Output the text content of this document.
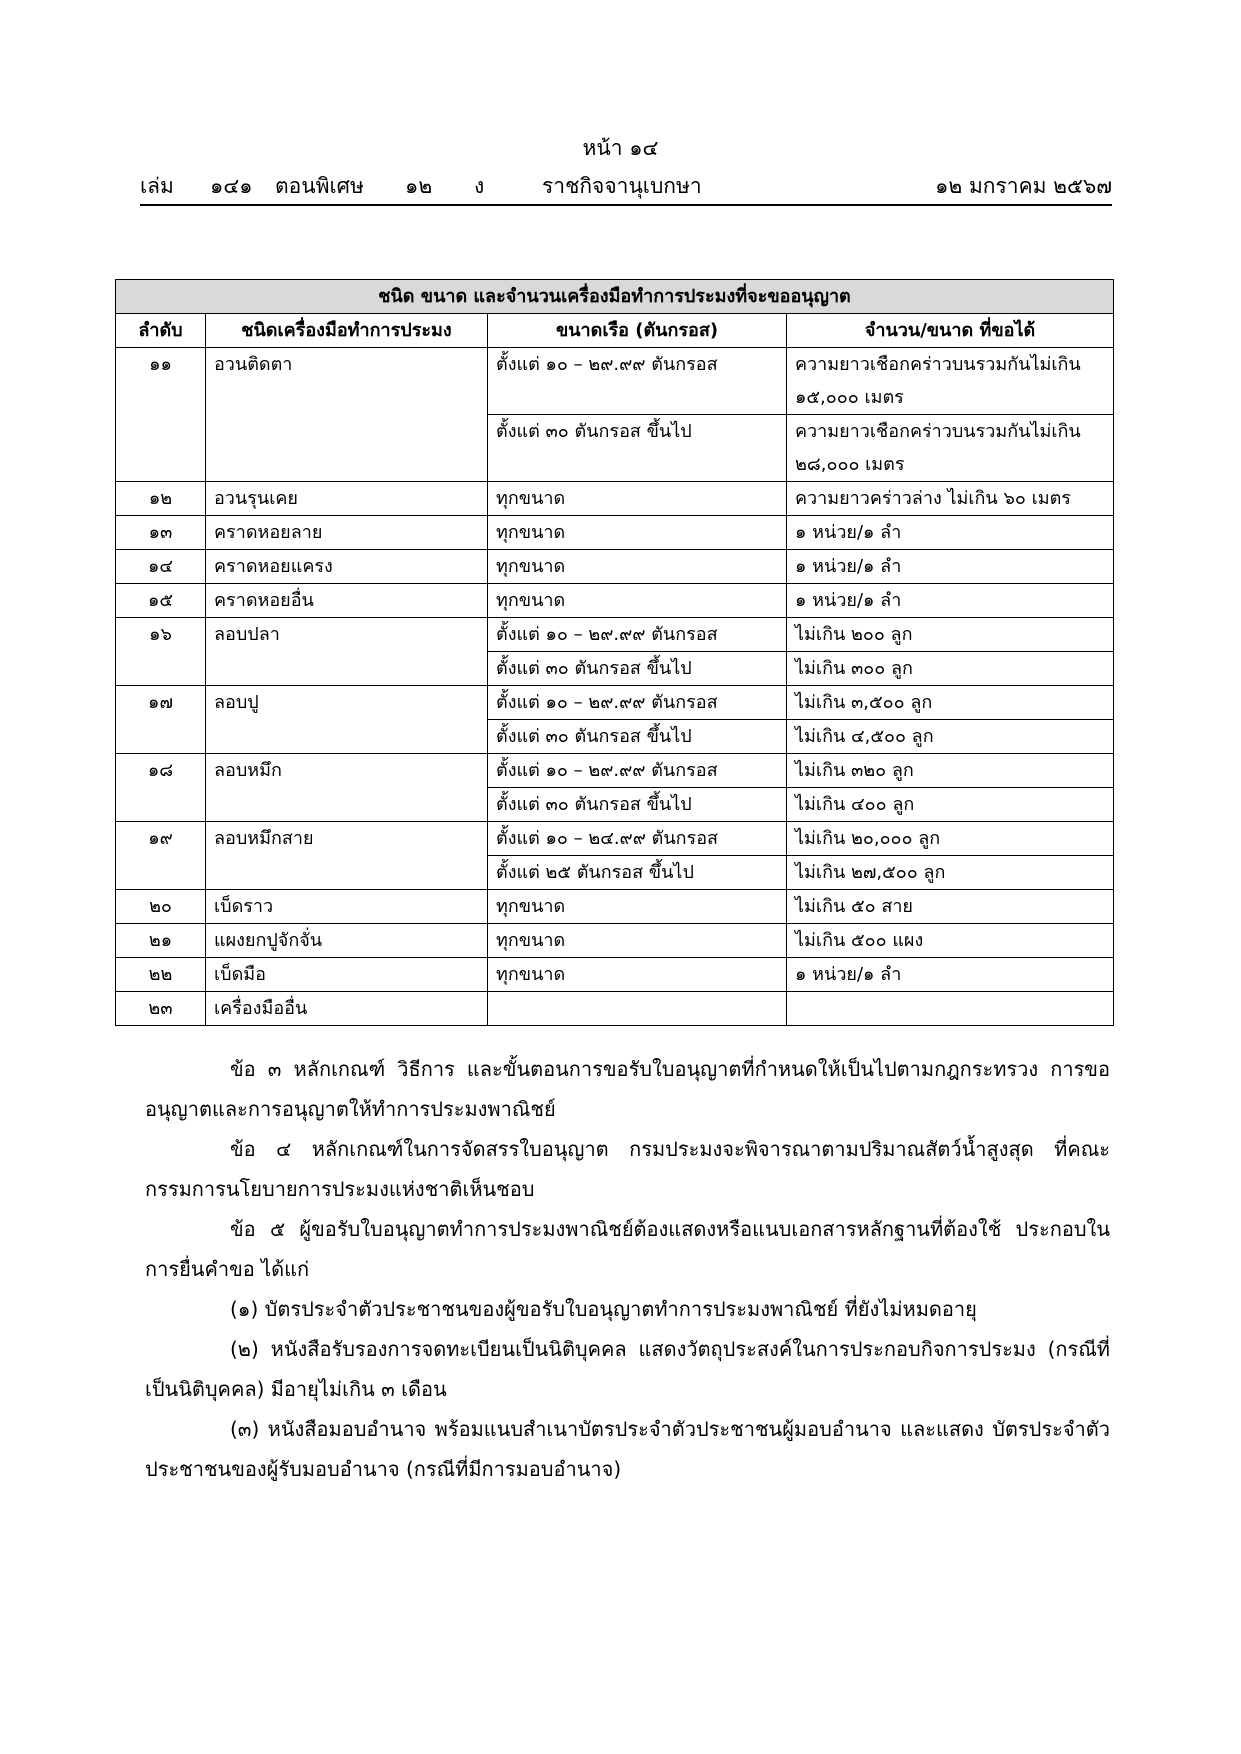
หน้า ๑๔
เล่ม ๑๔๑ ตอนพิเศษ ๑๒ ง	ราชกิจจานุเบกษา	๑๒ มกราคม ๒๕๖๗
ชนิด ขนาด และจำนวนเครื่องมือทำการประมงที่จะขออนุญาต			
ลำดับ	ชนิดเครื่องมือทำการประมง	ขนาดเรือ (ตันกรอส)	จำนวน/ขนาด ที่ขอได้
๑๑	อวนติดตา	ตั้งแต่ ๑๐ – ๒๙.๙๙ ตันกรอส	ความยาวเชือกคร่าวบนรวมกันไม่เกิน
๑๕,๐๐๐ เมตร

		ตั้งแต่ ๓๐ ตันกรอส ขึ้นไป	ความยาวเชือกคร่าวบนรวมกันไม่เกิน
๒๘,๐๐๐ เมตร

๑๒	อวนรุนเคย	ทุกขนาด	ความยาวคร่าวล่าง ไม่เกิน ๖๐ เมตร

๑๓	คราดหอยลาย	ทุกขนาด	๑ หน่วย/๑ ลำ

๑๔	คราดหอยแครง	ทุกขนาด	๑ หน่วย/๑ ลำ

๑๕	คราดหอยอื่น	ทุกขนาด	๑ หน่วย/๑ ลำ

๑๖	ลอบปลา	ตั้งแต่ ๑๐ – ๒๙.๙๙ ตันกรอส	ไม่เกิน ๒๐๐ ลูก

		ตั้งแต่ ๓๐ ตันกรอส ขึ้นไป	ไม่เกิน ๓๐๐ ลูก

๑๗	ลอบปู	ตั้งแต่ ๑๐ – ๒๙.๙๙ ตันกรอส	ไม่เกิน ๓,๕๐๐ ลูก

		ตั้งแต่ ๓๐ ตันกรอส ขึ้นไป	ไม่เกิน ๔,๕๐๐ ลูก

๑๘	ลอบหมึก	ตั้งแต่ ๑๐ – ๒๙.๙๙ ตันกรอส	ไม่เกิน ๓๒๐ ลูก

		ตั้งแต่ ๓๐ ตันกรอส ขึ้นไป	ไม่เกิน ๔๐๐ ลูก

๑๙	ลอบหมึกสาย	ตั้งแต่ ๑๐ – ๒๔.๙๙ ตันกรอส	ไม่เกิน ๒๐,๐๐๐ ลูก

		ตั้งแต่ ๒๕ ตันกรอส ขึ้นไป	ไม่เกิน ๒๗,๕๐๐ ลูก

๒๐	เบ็ดราว	ทุกขนาด	ไม่เกิน ๕๐ สาย

๒๑	แผงยกปูจักจั่น	ทุกขนาด	ไม่เกิน ๕๐๐ แผง

๒๒	เบ็ดมือ	ทุกขนาด	๑ หน่วย/๑ ลำ

๒๓	เครื่องมืออื่น		

ข้อ ๓ หลักเกณฑ์ วิธีการ และขั้นตอนการขอรับใบอนุญาตที่กำหนดให้เป็นไปตามกฎกระทรวง การขออนุญาตและการอนุญาตให้ทำการประมงพาณิชย์

ข้อ ๔ หลักเกณฑ์ในการจัดสรรใบอนุญาต กรมประมงจะพิจารณาตามปริมาณสัตว์น้ำสูงสุด ที่คณะกรรมการนโยบายการประมงแห่งชาติเห็นชอบ

ข้อ ๕ ผู้ขอรับใบอนุญาตทำการประมงพาณิชย์ต้องแสดงหรือแนบเอกสารหลักฐานที่ต้องใช้ ประกอบในการยื่นคำขอ ได้แก่

(๑) บัตรประจำตัวประชาชนของผู้ขอรับใบอนุญาตทำการประมงพาณิชย์ ที่ยังไม่หมดอายุ

(๒) หนังสือรับรองการจดทะเบียนเป็นนิติบุคคล แสดงวัตถุประสงค์ในการประกอบกิจการประมง (กรณีที่เป็นนิติบุคคล) มีอายุไม่เกิน ๓ เดือน

(๓) หนังสือมอบอำนาจ พร้อมแนบสำเนาบัตรประจำตัวประชาชนผู้มอบอำนาจ และแสดง บัตรประจำตัวประชาชนของผู้รับมอบอำนาจ (กรณีที่มีการมอบอำนาจ)
